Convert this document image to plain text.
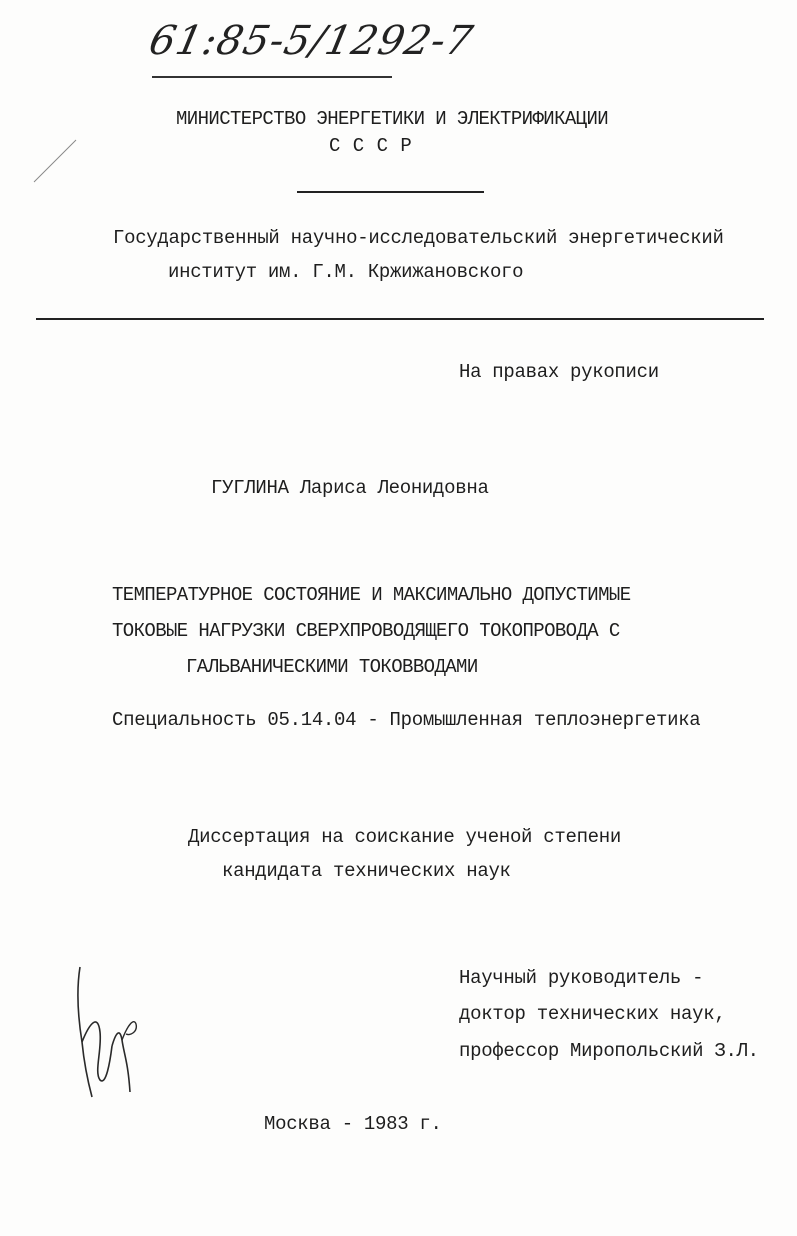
61:85-5/1292-7
МИНИСТЕРСТВО ЭНЕРГЕТИКИ И ЭЛЕКТРИФИКАЦИИ
С С С Р
Государственный научно-исследовательский энергетический
институт им. Г.М. Кржижановского
На правах рукописи
ГУГЛИНА Лариса Леонидовна
ТЕМПЕРАТУРНОЕ СОСТОЯНИЕ И МАКСИМАЛЬНО ДОПУСТИМЫЕ
ТОКОВЫЕ НАГРУЗКИ СВЕРХПРОВОДЯЩЕГО ТОКОПРОВОДА С
ГАЛЬВАНИЧЕСКИМИ ТОКОВВОДАМИ
Специальность 05.14.04 - Промышленная теплоэнергетика
Диссертация на соискание ученой степени
кандидата технических наук
Научный руководитель -
доктор технических наук,
профессор Миропольский З.Л.
Москва - 1983 г.
